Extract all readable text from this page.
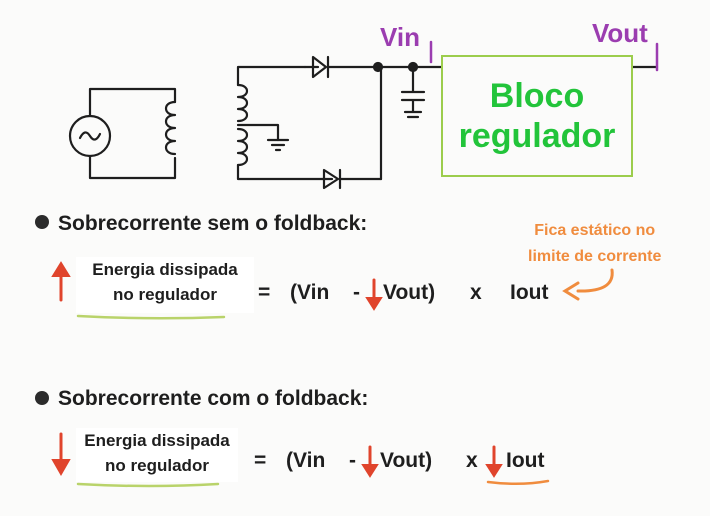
Vin	Vout
Bloco
regulador
Sobrecorrente sem o foldback:
Energia dissipada
no regulador	= (Vin - Vout) x Iout
Fica estático no
limite de corrente
Sobrecorrente com o foldback:
Energia dissipada
no regulador	= (Vin - Vout) x Iout
